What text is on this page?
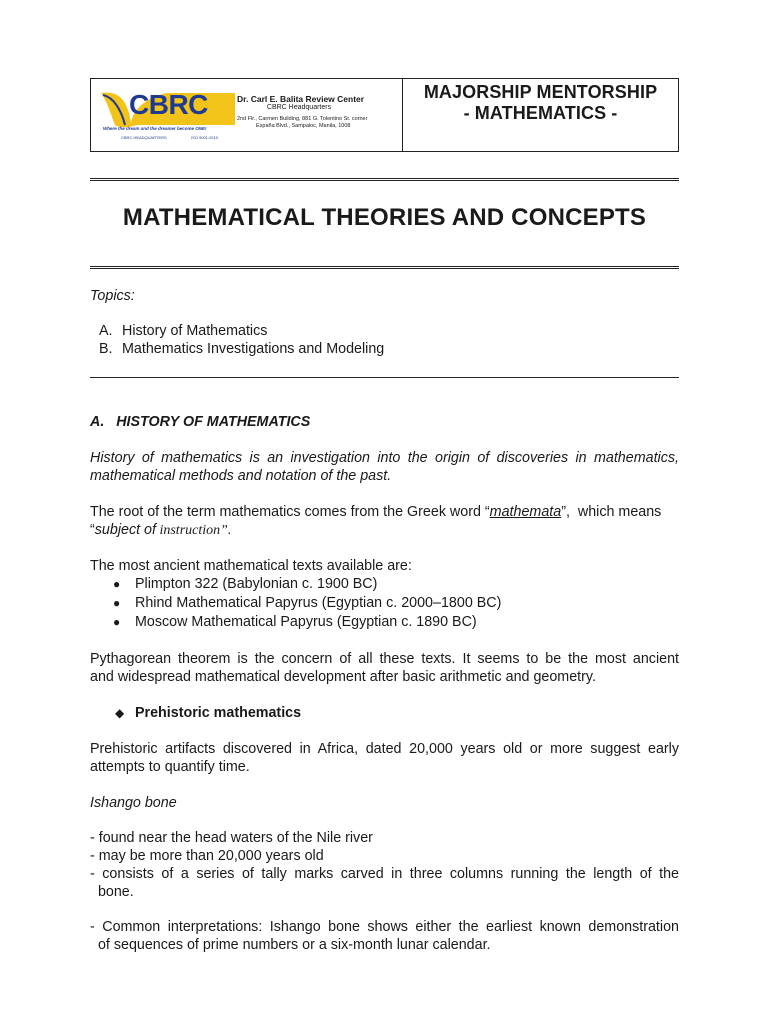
CBRC
Where the dream and the dreamer become ONE!
CBRC HEADQUARTERS	ISO 9001:2015
Dr. Carl E. Balita Review Center
CBRC Headquarters
2nd Flr., Carmen Building, 881 G. Tolentino St. corner
España Blvd., Sampaloc, Manila, 1008
MAJORSHIP MENTORSHIP
- MATHEMATICS -
MATHEMATICAL THEORIES AND CONCEPTS
Topics:
A. History of Mathematics
B. Mathematics Investigations and Modeling
A.   HISTORY OF MATHEMATICS
History of mathematics is an investigation into the origin of discoveries in mathematics,
mathematical methods and notation of the past.
The root of the term mathematics comes from the Greek word “mathemata”,  which means
“subject of instruction”.
The most ancient mathematical texts available are:
● Plimpton 322 (Babylonian c. 1900 BC)
● Rhind Mathematical Papyrus (Egyptian c. 2000–1800 BC)
● Moscow Mathematical Papyrus (Egyptian c. 1890 BC)
Pythagorean theorem is the concern of all these texts. It seems to be the most ancient
and widespread mathematical development after basic arithmetic and geometry.
◆ Prehistoric mathematics
Prehistoric artifacts discovered in Africa, dated 20,000 years old or more suggest early
attempts to quantify time.
Ishango bone
- found near the head waters of the Nile river
- may be more than 20,000 years old
- consists of a series of tally marks carved in three columns running the length of the
bone.
- Common interpretations: Ishango bone shows either the earliest known demonstration
of sequences of prime numbers or a six-month lunar calendar.
